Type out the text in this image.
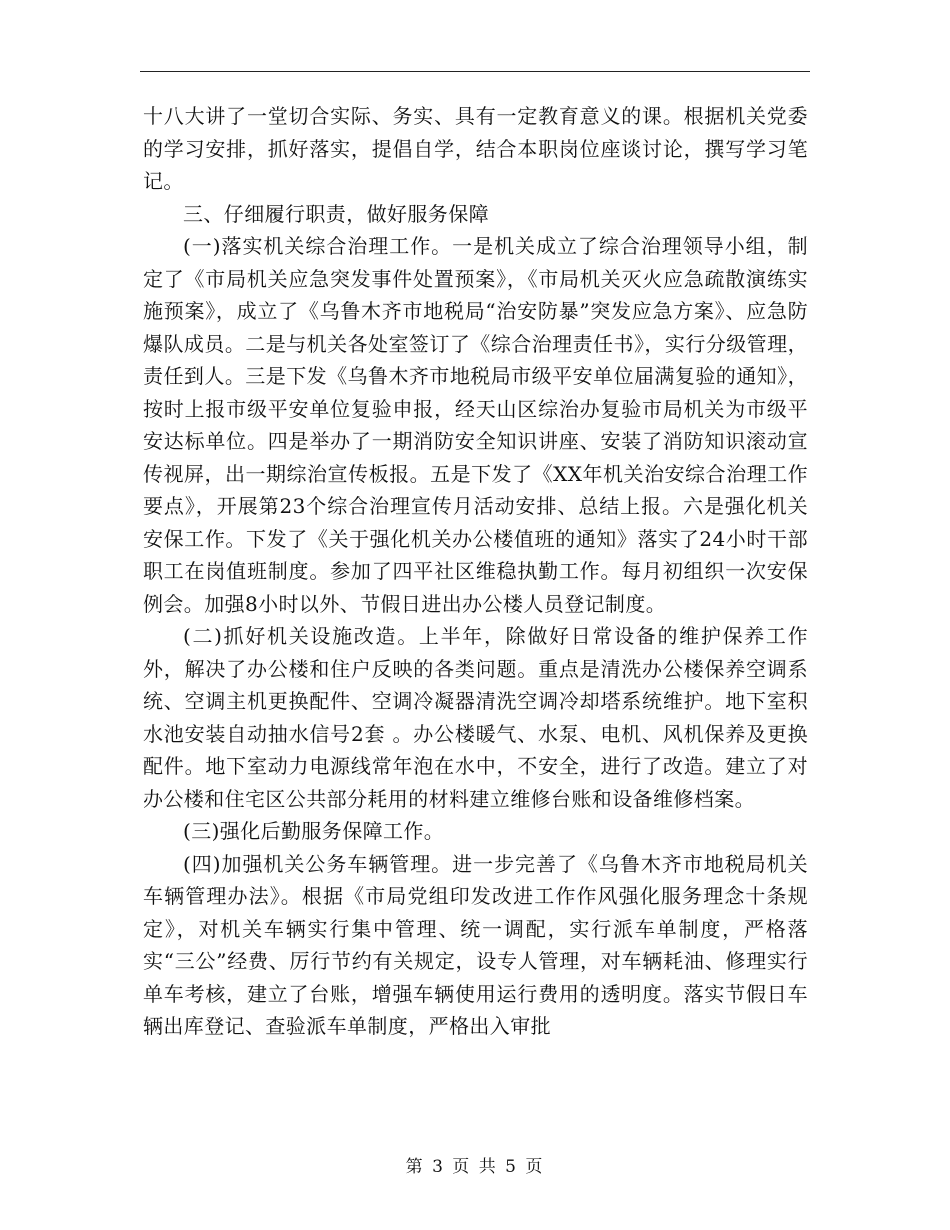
十八大讲了一堂切合实际、务实、具有一定教育意义的课。根据机关党委的学习安排，抓好落实，提倡自学，结合本职岗位座谈讨论，撰写学习笔记。

三、仔细履行职责，做好服务保障

(一)落实机关综合治理工作。一是机关成立了综合治理领导小组，制定了《市局机关应急突发事件处置预案》，《市局机关灭火应急疏散演练实施预案》，成立了《乌鲁木齐市地税局“治安防暴”突发应急方案》、应急防爆队成员。二是与机关各处室签订了《综合治理责任书》，实行分级管理，责任到人。三是下发《乌鲁木齐市地税局市级平安单位届满复验的通知》，按时上报市级平安单位复验申报，经天山区综治办复验市局机关为市级平安达标单位。四是举办了一期消防安全知识讲座、安装了消防知识滚动宣传视屏，出一期综治宣传板报。五是下发了《XX年机关治安综合治理工作要点》，开展第23个综合治理宣传月活动安排、总结上报。六是强化机关安保工作。下发了《关于强化机关办公楼值班的通知》落实了24小时干部职工在岗值班制度。参加了四平社区维稳执勤工作。每月初组织一次安保例会。加强8小时以外、节假日进出办公楼人员登记制度。

(二)抓好机关设施改造。上半年，除做好日常设备的维护保养工作外，解决了办公楼和住户反映的各类问题。重点是清洗办公楼保养空调系统、空调主机更换配件、空调冷凝器清洗空调冷却塔系统维护。地下室积水池安装自动抽水信号2套 。办公楼暖气、水泵、电机、风机保养及更换配件。地下室动力电源线常年泡在水中，不安全，进行了改造。建立了对办公楼和住宅区公共部分耗用的材料建立维修台账和设备维修档案。

(三)强化后勤服务保障工作。

(四)加强机关公务车辆管理。进一步完善了《乌鲁木齐市地税局机关车辆管理办法》。根据《市局党组印发改进工作作风强化服务理念十条规定》，对机关车辆实行集中管理、统一调配，实行派车单制度，严格落实“三公”经费、厉行节约有关规定，设专人管理，对车辆耗油、修理实行单车考核，建立了台账，增强车辆使用运行费用的透明度。落实节假日车辆出库登记、查验派车单制度，严格出入审批

第 3 页 共 5 页
